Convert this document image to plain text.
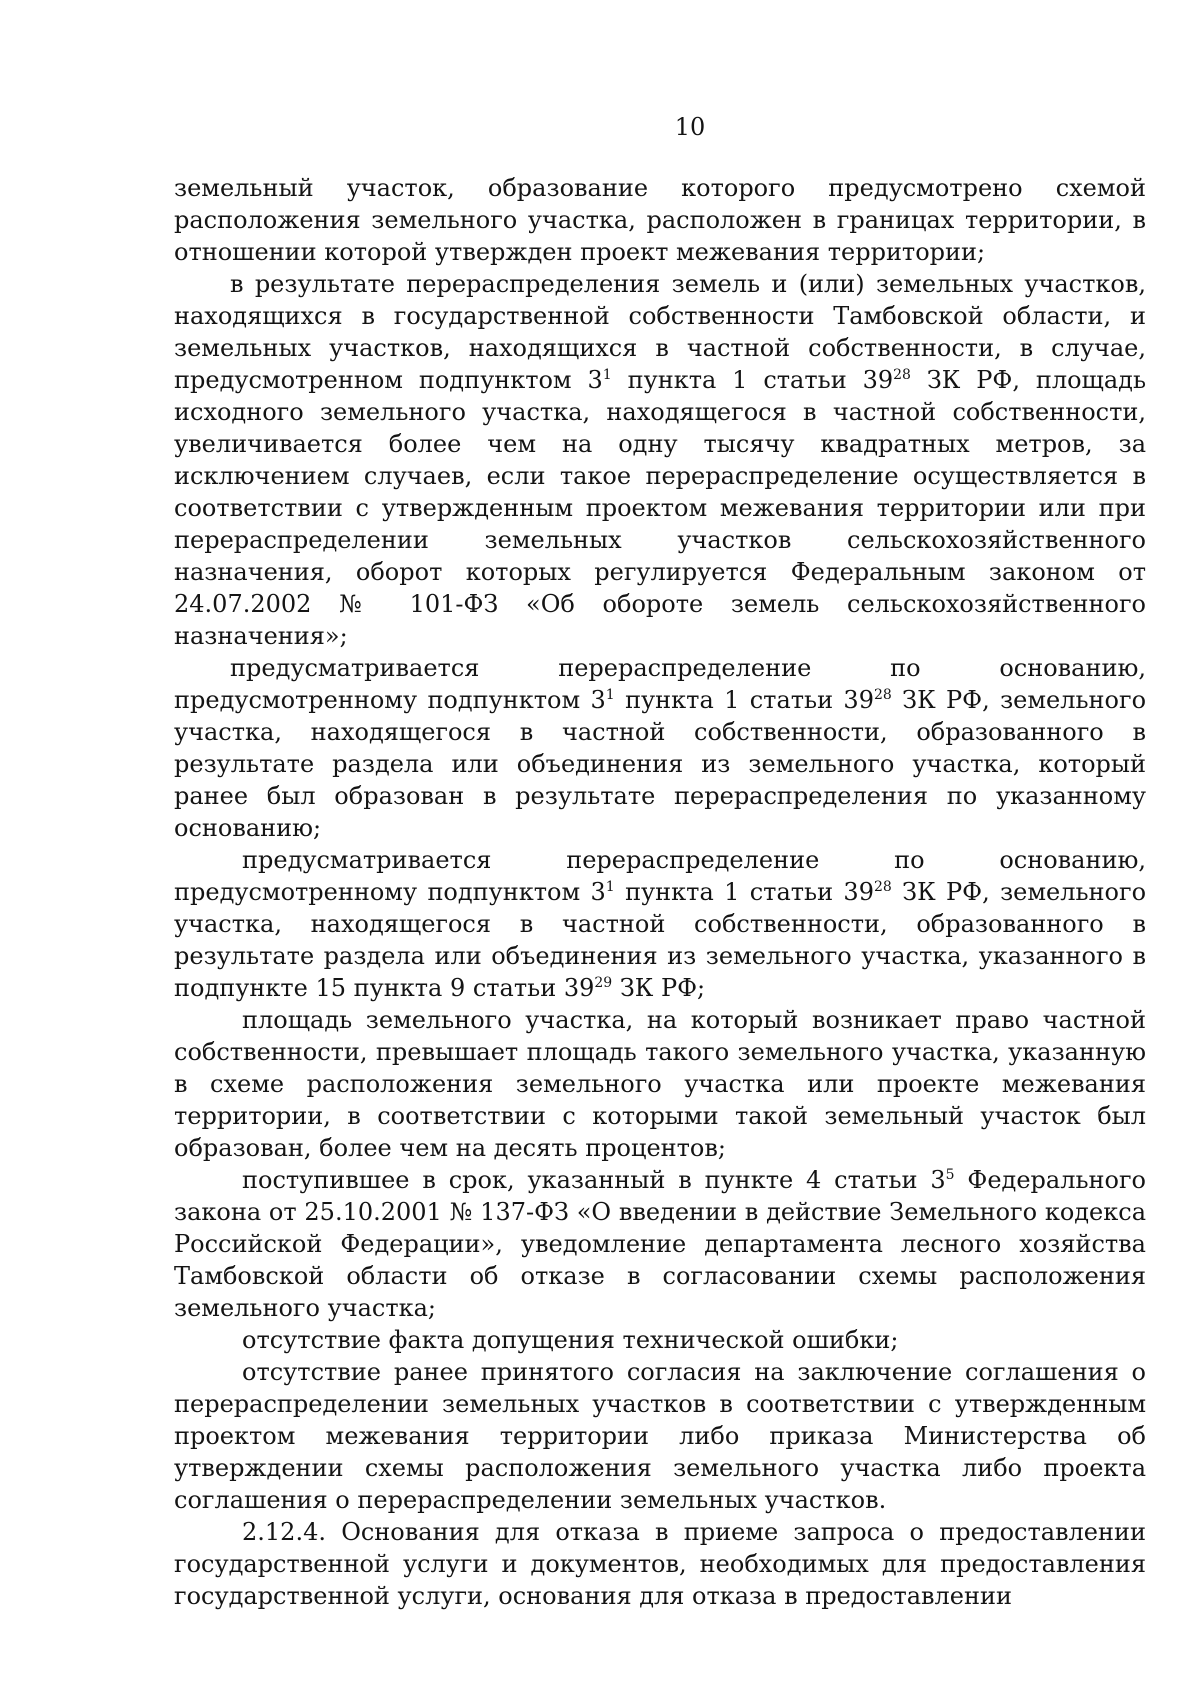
10

земельный участок, образование которого предусмотрено схемой расположения земельного участка, расположен в границах территории, в отношении которой утвержден проект межевания территории;

в результате перераспределения земель и (или) земельных участков, находящихся в государственной собственности Тамбовской области, и земельных участков, находящихся в частной собственности, в случае, предусмотренном подпунктом $3^1$ пункта 1 статьи $39^{28}$ ЗК РФ, площадь исходного земельного участка, находящегося в частной собственности, увеличивается более чем на одну тысячу квадратных метров, за исключением случаев, если такое перераспределение осуществляется в соответствии с утвержденным проектом межевания территории или при перераспределении земельных участков сельскохозяйственного назначения, оборот которых регулируется Федеральным законом от 24.07.2002 № 101-ФЗ «Об обороте земель сельскохозяйственного назначения»;

предусматривается перераспределение по основанию, предусмотренному подпунктом $3^1$ пункта 1 статьи $39^{28}$ ЗК РФ, земельного участка, находящегося в частной собственности, образованного в результате раздела или объединения из земельного участка, который ранее был образован в результате перераспределения по указанному основанию;

предусматривается перераспределение по основанию, предусмотренному подпунктом $3^1$ пункта 1 статьи $39^{28}$ ЗК РФ, земельного участка, находящегося в частной собственности, образованного в результате раздела или объединения из земельного участка, указанного в подпункте 15 пункта 9 статьи $39^{29}$ ЗК РФ;

площадь земельного участка, на который возникает право частной собственности, превышает площадь такого земельного участка, указанную в схеме расположения земельного участка или проекте межевания территории, в соответствии с которыми такой земельный участок был образован, более чем на десять процентов;

поступившее в срок, указанный в пункте 4 статьи $3^5$ Федерального закона от 25.10.2001 № 137-ФЗ «О введении в действие Земельного кодекса Российской Федерации», уведомление департамента лесного хозяйства Тамбовской области об отказе в согласовании схемы расположения земельного участка;

отсутствие факта допущения технической ошибки;

отсутствие ранее принятого согласия на заключение соглашения о перераспределении земельных участков в соответствии с утвержденным проектом межевания территории либо приказа Министерства об утверждении схемы расположения земельного участка либо проекта соглашения о перераспределении земельных участков.

2.12.4. Основания для отказа в приеме запроса о предоставлении государственной услуги и документов, необходимых для предоставления государственной услуги, основания для отказа в предоставлении
